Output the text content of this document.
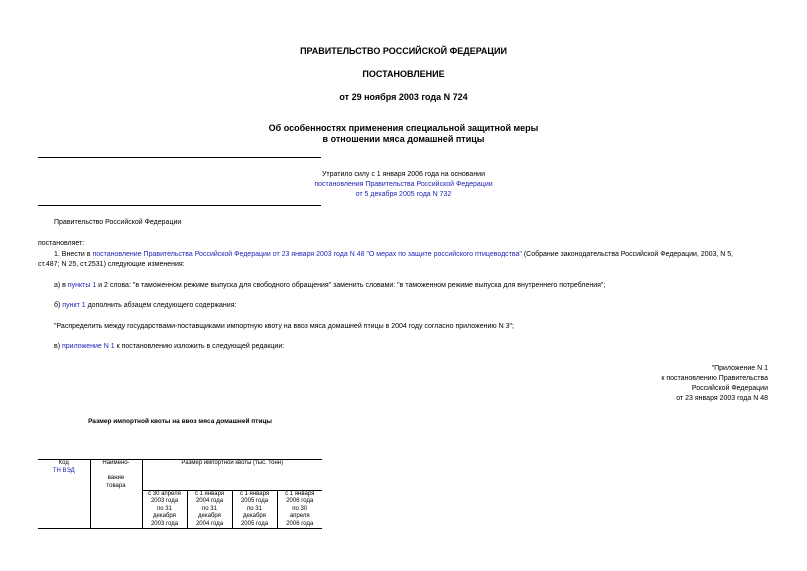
ПРАВИТЕЛЬСТВО РОССИЙСКОЙ ФЕДЕРАЦИИ
ПОСТАНОВЛЕНИЕ
от 29 ноября 2003 года N 724
Об особенностях применения специальной защитной меры
в отношении мяса домашней птицы
Утратило силу с 1 января 2006 года на основании
постановления Правительства Российской Федерации
от 5 декабря 2005 года N 732
Правительство Российской Федерации
постановляет:
1. Внести в постановление Правительства Российской Федерации от 23 января 2003 года N 48 "О мерах по защите российского птицеводства" (Собрание законодательства Российской Федерации, 2003, N 5,
ст.487; N 25, ст.2531) следующие изменения:
а) в пункты 1 и 2 слова: "в таможенном режиме выпуска для свободного обращения" заменить словами: "в таможенном режиме выпуска для внутреннего потребления";
б) пункт 1 дополнить абзацем следующего содержания:
"Распределить между государствами-поставщиками импортную квоту на ввоз мяса домашней птицы в 2004 году согласно приложению N 3";
в) приложение N 1 к постановлению изложить в следующей редакции:
"Приложение N 1
к постановлению Правительства
Российской Федерации
от 23 января 2003 года N 48
Размер импортной квоты на ввоз мяса домашней птицы
Код
ТН ВЭД	Наимено-

вание
товара	Размер импортной квоты (тыс. тонн)			
		с 30 апреля
2003 года
по 31
декабря
2003 года	с 1 января
2004 года
по 31
декабря
2004 года	с 1 января
2005 года
по 31
декабря
2005 года	с 1 января
2006 года
по 30
апреля
2006 года
